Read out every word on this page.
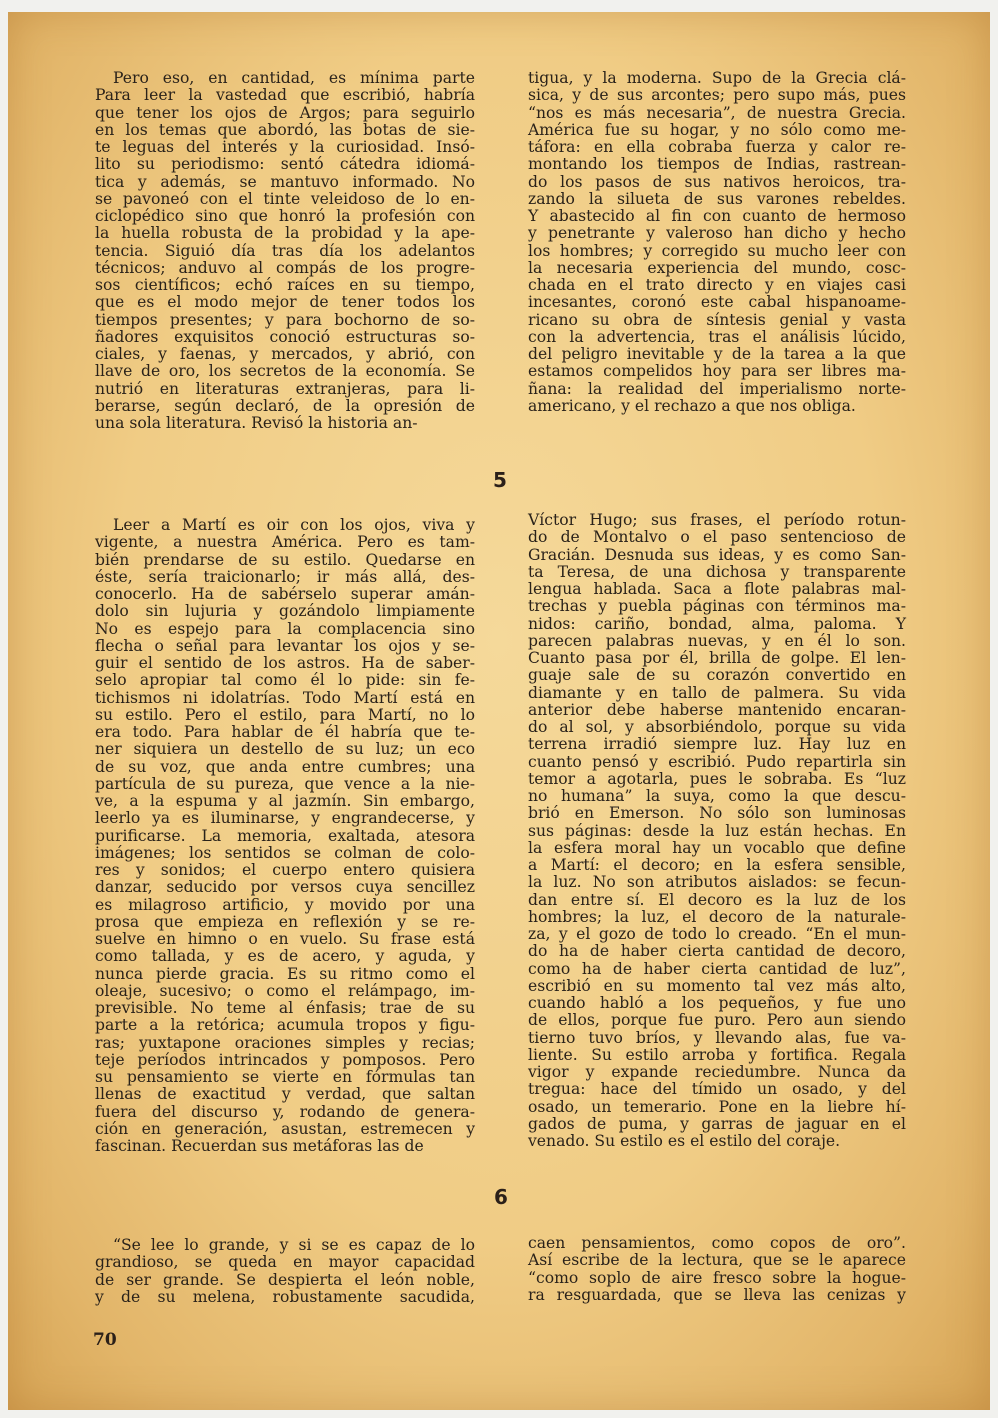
Pero eso, en cantidad, es mínima parte

Para leer la vastedad que escribió, habría

que tener los ojos de Argos; para seguirlo

en los temas que abordó, las botas de sie-

te leguas del interés y la curiosidad. Insó-

lito su periodismo: sentó cátedra idiomá-

tica y además, se mantuvo informado. No

se pavoneó con el tinte veleidoso de lo en-

ciclopédico sino que honró la profesión con

la huella robusta de la probidad y la ape-

tencia. Siguió día tras día los adelantos

técnicos; anduvo al compás de los progre-

sos científicos; echó raíces en su tiempo,

que es el modo mejor de tener todos los

tiempos presentes; y para bochorno de so-

ñadores exquisitos conoció estructuras so-

ciales, y faenas, y mercados, y abrió, con

llave de oro, los secretos de la economía. Se

nutrió en literaturas extranjeras, para li-

berarse, según declaró, de la opresión de

una sola literatura. Revisó la historia an-

tigua, y la moderna. Supo de la Grecia clá-

sica, y de sus arcontes; pero supo más, pues

“nos es más necesaria”, de nuestra Grecia.

América fue su hogar, y no sólo como me-

táfora: en ella cobraba fuerza y calor re-

montando los tiempos de Indias, rastrean-

do los pasos de sus nativos heroicos, tra-

zando la silueta de sus varones rebeldes.

Y abastecido al fin con cuanto de hermoso

y penetrante y valeroso han dicho y hecho

los hombres; y corregido su mucho leer con

la necesaria experiencia del mundo, cosc-

chada en el trato directo y en viajes casi

incesantes, coronó este cabal hispanoame-

ricano su obra de síntesis genial y vasta

con la advertencia, tras el análisis lúcido,

del peligro inevitable y de la tarea a la que

estamos compelidos hoy para ser libres ma-

ñana: la realidad del imperialismo norte-

americano, y el rechazo a que nos obliga.

5

Leer a Martí es oir con los ojos, viva y

vigente, a nuestra América. Pero es tam-

bién prendarse de su estilo. Quedarse en

éste, sería traicionarlo; ir más allá, des-

conocerlo. Ha de sabérselo superar amán-

dolo sin lujuria y gozándolo limpiamente

No es espejo para la complacencia sino

flecha o señal para levantar los ojos y se-

guir el sentido de los astros. Ha de saber-

selo apropiar tal como él lo pide: sin fe-

tichismos ni idolatrías. Todo Martí está en

su estilo. Pero el estilo, para Martí, no lo

era todo. Para hablar de él habría que te-

ner siquiera un destello de su luz; un eco

de su voz, que anda entre cumbres; una

partícula de su pureza, que vence a la nie-

ve, a la espuma y al jazmín. Sin embargo,

leerlo ya es iluminarse, y engrandecerse, y

purificarse. La memoria, exaltada, atesora

imágenes; los sentidos se colman de colo-

res y sonidos; el cuerpo entero quisiera

danzar, seducido por versos cuya sencillez

es milagroso artificio, y movido por una

prosa que empieza en reflexión y se re-

suelve en himno o en vuelo. Su frase está

como tallada, y es de acero, y aguda, y

nunca pierde gracia. Es su ritmo como el

oleaje, sucesivo; o como el relámpago, im-

previsible. No teme al énfasis; trae de su

parte a la retórica; acumula tropos y figu-

ras; yuxtapone oraciones simples y recias;

teje períodos intrincados y pomposos. Pero

su pensamiento se vierte en fórmulas tan

llenas de exactitud y verdad, que saltan

fuera del discurso y, rodando de genera-

ción en generación, asustan, estremecen y

fascinan. Recuerdan sus metáforas las de

Víctor Hugo; sus frases, el período rotun-

do de Montalvo o el paso sentencioso de

Gracián. Desnuda sus ideas, y es como San-

ta Teresa, de una dichosa y transparente

lengua hablada. Saca a flote palabras mal-

trechas y puebla páginas con términos ma-

nidos: cariño, bondad, alma, paloma. Y

parecen palabras nuevas, y en él lo son.

Cuanto pasa por él, brilla de golpe. El len-

guaje sale de su corazón convertido en

diamante y en tallo de palmera. Su vida

anterior debe haberse mantenido encaran-

do al sol, y absorbiéndolo, porque su vida

terrena irradió siempre luz. Hay luz en

cuanto pensó y escribió. Pudo repartirla sin

temor a agotarla, pues le sobraba. Es “luz

no humana” la suya, como la que descu-

brió en Emerson. No sólo son luminosas

sus páginas: desde la luz están hechas. En

la esfera moral hay un vocablo que define

a Martí: el decoro; en la esfera sensible,

la luz. No son atributos aislados: se fecun-

dan entre sí. El decoro es la luz de los

hombres; la luz, el decoro de la naturale-

za, y el gozo de todo lo creado. “En el mun-

do ha de haber cierta cantidad de decoro,

como ha de haber cierta cantidad de luz”,

escribió en su momento tal vez más alto,

cuando habló a los pequeños, y fue uno

de ellos, porque fue puro. Pero aun siendo

tierno tuvo bríos, y llevando alas, fue va-

liente. Su estilo arroba y fortifica. Regala

vigor y expande reciedumbre. Nunca da

tregua: hace del tímido un osado, y del

osado, un temerario. Pone en la liebre hí-

gados de puma, y garras de jaguar en el

venado. Su estilo es el estilo del coraje.

6

“Se lee lo grande, y si se es capaz de lo

grandioso, se queda en mayor capacidad

de ser grande. Se despierta el león noble,

y de su melena, robustamente sacudida,

caen pensamientos, como copos de oro”.

Así escribe de la lectura, que se le aparece

“como soplo de aire fresco sobre la hogue-

ra resguardada, que se lleva las cenizas y

70
